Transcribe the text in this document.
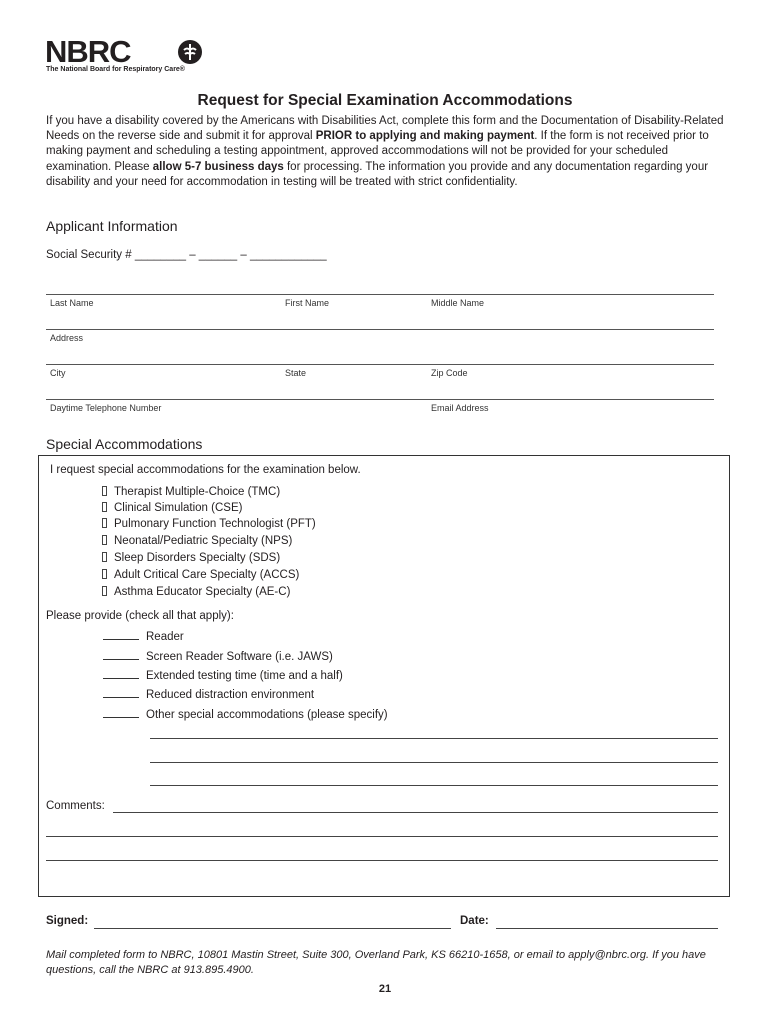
NBRC
The National Board for Respiratory Care®
Request for Special Examination Accommodations
If you have a disability covered by the Americans with Disabilities Act, complete this form and the Documentation of Disability-Related Needs on the reverse side and submit it for approval PRIOR to applying and making payment. If the form is not received prior to making payment and scheduling a testing appointment, approved accommodations will not be provided for your scheduled examination. Please allow 5-7 business days for processing. The information you provide and any documentation regarding your disability and your need for accommodation in testing will be treated with strict confidentiality.
Applicant Information
Social Security # ________ – ______ – ____________
Last Name	First Name	Middle Name
Address
City	State	Zip Code
Daytime Telephone Number	Email Address
Special Accommodations
I request special accommodations for the examination below.
Therapist Multiple-Choice (TMC)
Clinical Simulation (CSE)
Pulmonary Function Technologist (PFT)
Neonatal/Pediatric Specialty (NPS)
Sleep Disorders Specialty (SDS)
Adult Critical Care Specialty (ACCS)
Asthma Educator Specialty (AE-C)
Please provide (check all that apply):
Reader
Screen Reader Software (i.e. JAWS)
Extended testing time (time and a half)
Reduced distraction environment
Other special accommodations (please specify)
Comments:
Signed:	Date:
Mail completed form to NBRC, 10801 Mastin Street, Suite 300, Overland Park, KS 66210-1658, or email to apply@nbrc.org. If you have questions, call the NBRC at 913.895.4900.
21
